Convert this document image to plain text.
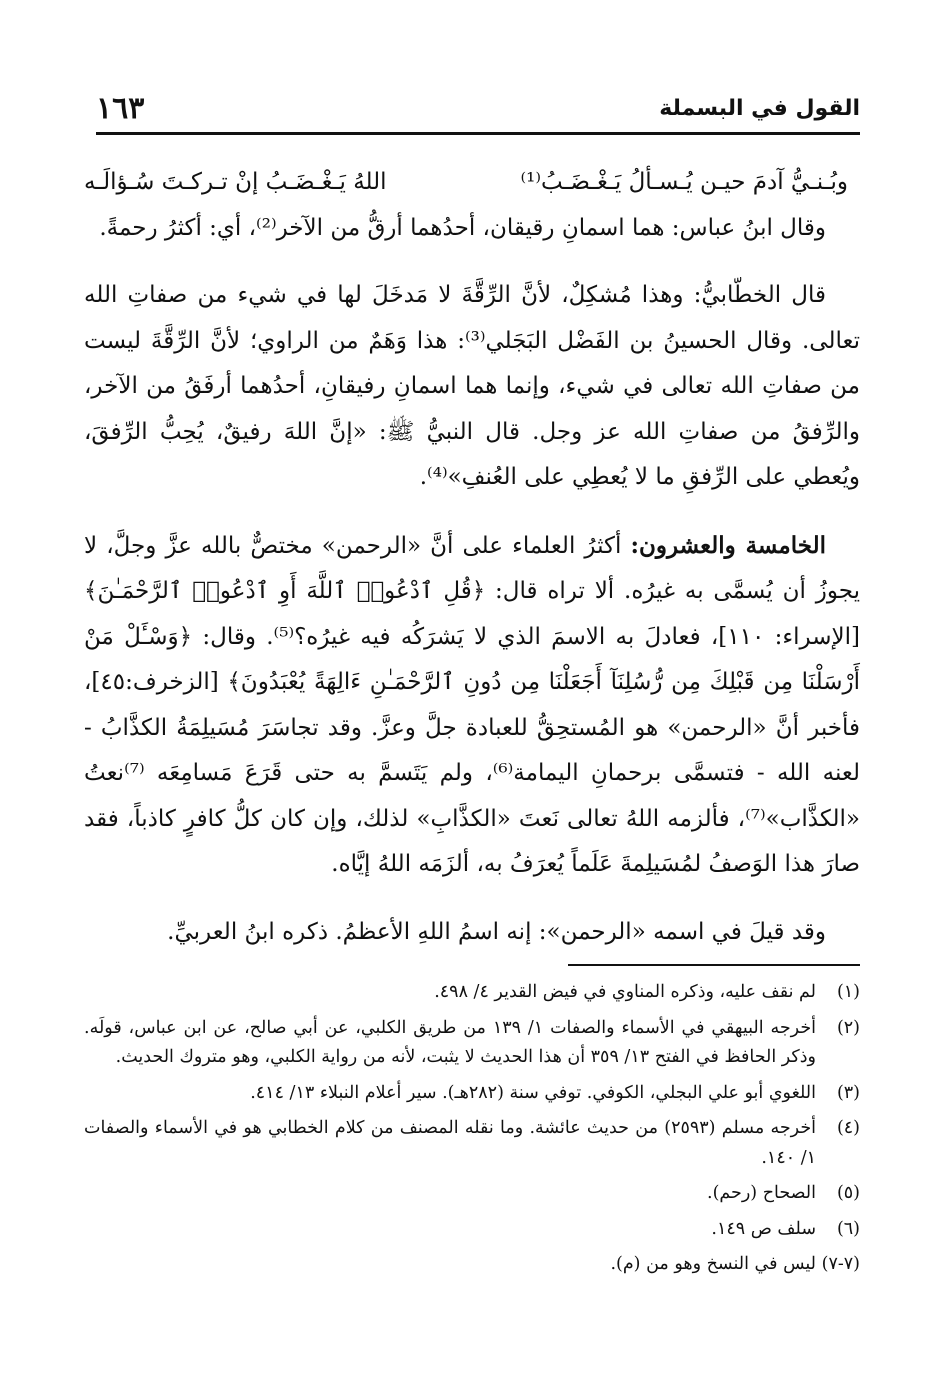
القول في البسملة
١٦٣
وبُـنـيُّ آدمَ حيـن يُـسـألُ يَـغْـضَـبُ⁽¹⁾
اللهُ يَـغْـضَـبُ إنْ تـركـتَ سُـؤالَـه

وقال ابنُ عباس: هما اسمانِ رقيقان، أحدُهما أرقُّ من الآخر⁽²⁾، أي: أكثرُ رحمةً.

قال الخطّابيُّ: وهذا مُشكِلٌ، لأنَّ الرِّقَّةَ لا مَدخَلَ لها في شيء من صفاتِ الله تعالى. وقال الحسينُ بن الفَضْل البَجَلي⁽³⁾: هذا وَهَمٌ من الراوي؛ لأنَّ الرِّقَّةَ ليست من صفاتِ الله تعالى في شيء، وإنما هما اسمانِ رفيقانِ، أحدُهما أرفَقُ من الآخر، والرِّفقُ من صفاتِ الله عز وجل. قال النبيُّ ﷺ: «إنَّ اللهَ رفيقٌ، يُحِبُّ الرِّفقَ، ويُعطي على الرِّفقِ ما لا يُعطِي على العُنفِ»⁽⁴⁾.

الخامسة والعشرون: أكثرُ العلماء على أنَّ «الرحمن» مختصٌّ بالله عزَّ وجلَّ، لا يجوزُ أن يُسمَّى به غيرُه. ألا تراه قال: ﴿قُلِ ٱدْعُوا۟ ٱللَّهَ أَوِ ٱدْعُوا۟ ٱلرَّحْمَـٰنَ﴾[الإسراء: ١١٠]، فعادلَ به الاسمَ الذي لا يَشرَكُه فيه غيرُه؟⁽⁵⁾. وقال: ﴿وَسْـَٔلْ مَنْ أَرْسَلْنَا مِن قَبْلِكَ مِن رُّسُلِنَآ أَجَعَلْنَا مِن دُونِ ٱلرَّحْمَـٰنِ ءَالِهَةً يُعْبَدُونَ﴾ [الزخرف:٤٥]، فأخبر أنَّ «الرحمن» هو المُستحِقُّ للعبادة جلَّ وعزَّ. وقد تجاسَرَ مُسَيلِمَةُ الكذَّابُ - لعنه الله - فتسمَّى برحمانِ اليمامة⁽⁶⁾، ولم يَتَسمَّ به حتى قَرَعَ مَسامِعَه ⁽⁷⁾نعتُ «الكذَّاب»⁽⁷⁾، فألزمه اللهُ تعالى نَعتَ «الكذَّابِ» لذلك، وإن كان كلُّ كافرٍ كاذباً، فقد صارَ هذا الوَصفُ لمُسَيلِمةَ عَلَماً يُعرَفُ به، ألزَمَه اللهُ إيَّاه.

وقد قيلَ في اسمه «الرحمن»: إنه اسمُ اللهِ الأعظمُ. ذكره ابنُ العربيِّ.

(١)
لم نقف عليه، وذكره المناوي في فيض القدير ٤/ ٤٩٨.
(٢)
أخرجه البيهقي في الأسماء والصفات ١/ ١٣٩ من طريق الكلبي، عن أبي صالح، عن ابن عباس، قولَه. وذكر الحافظ في الفتح ١٣/ ٣٥٩ أن هذا الحديث لا يثبت، لأنه من رواية الكلبي، وهو متروك الحديث.
(٣)
اللغوي أبو علي البجلي، الكوفي. توفي سنة (٢٨٢هـ). سير أعلام النبلاء ١٣/ ٤١٤.
(٤)
أخرجه مسلم (٢٥٩٣) من حديث عائشة. وما نقله المصنف من كلام الخطابي هو في الأسماء والصفات ١/ ١٤٠.
(٥)
الصحاح (رحم).
(٦)
سلف ص ١٤٩.
(٧-٧)
ليس في النسخ وهو من (م).
